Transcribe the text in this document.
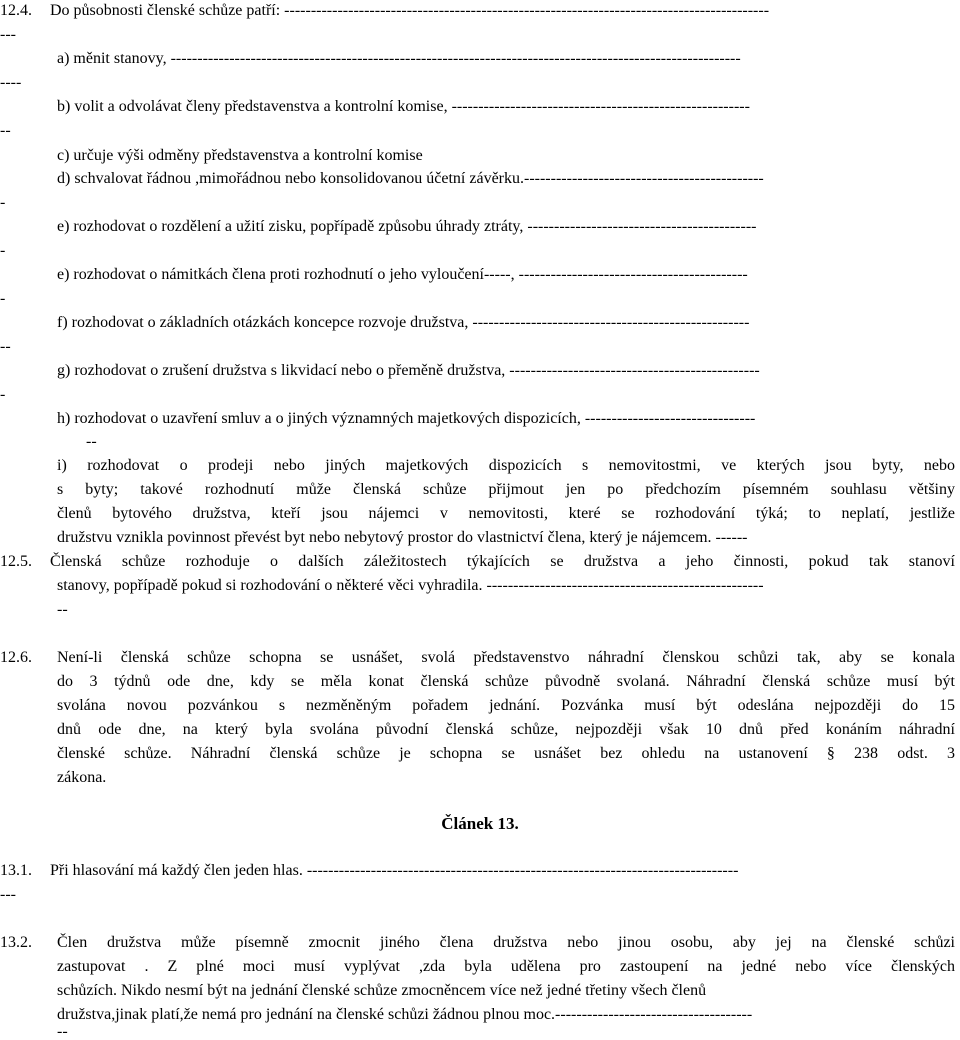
12.4. Do působnosti členské schůze patří: -------------------------------------------------------------------------------------------
---
a) měnit stanovy, -----------------------------------------------------------------------------------------------------------
----
b) volit a odvolávat členy představenstva a kontrolní komise, --------------------------------------------------------
--
c) určuje výši odměny představenstva a kontrolní komise
d) schvalovat řádnou ,mimořádnou nebo konsolidovanou účetní závěrku.---------------------------------------------
-
e) rozhodovat o rozdělení a užití zisku, popřípadě způsobu úhrady ztráty, -------------------------------------------
-
e) rozhodovat o námitkách člena proti rozhodnutí o jeho vyloučení-----, -------------------------------------------
-
f) rozhodovat o základních otázkách koncepce rozvoje družstva, ----------------------------------------------------
--
g) rozhodovat o zrušení družstva s likvidací nebo o přeměně družstva, -----------------------------------------------
-
h) rozhodovat o uzavření smluv a o jiných významných majetkových dispozicích, --------------------------------
--
i) rozhodovat o prodeji nebo jiných majetkových dispozicích s nemovitostmi, ve kterých jsou byty, nebo
s byty; takové rozhodnutí může členská schůze přijmout jen po předchozím písemném souhlasu většiny
členů bytového družstva, kteří jsou nájemci v nemovitosti, které se rozhodování týká; to neplatí, jestliže
družstvu vznikla povinnost převést byt nebo nebytový prostor do vlastnictví člena, který je nájemcem. ------
12.5. Členská schůze rozhoduje o dalších záležitostech týkajících se družstva a jeho činnosti, pokud tak stanoví
stanovy, popřípadě pokud si rozhodování o některé věci vyhradila. ----------------------------------------------------
--
12.6. Není-li členská schůze schopna se usnášet, svolá představenstvo náhradní členskou schůzi tak, aby se konala
do 3 týdnů ode dne, kdy se měla konat členská schůze původně svolaná. Náhradní členská schůze musí být
svolána novou pozvánkou s nezměněným pořadem jednání. Pozvánka musí být odeslána nejpozději do 15
dnů ode dne, na který byla svolána původní členská schůze, nejpozději však 10 dnů před konáním náhradní
členské schůze. Náhradní členská schůze je schopna se usnášet bez ohledu na ustanovení § 238 odst. 3
zákona.
Článek 13.
13.1. Při hlasování má každý člen jeden hlas. ---------------------------------------------------------------------------------
---
13.2. Člen družstva může písemně zmocnit jiného člena družstva nebo jinou osobu, aby jej na členské schůzi
zastupovat . Z plné moci musí vyplývat ,zda byla udělena pro zastoupení na jedné nebo více členských
schůzích. Nikdo nesmí být na jednání členské schůze zmocněncem více než jedné třetiny všech členů
družstva,jinak platí,že nemá pro jednání na členské schůzi žádnou plnou moc.-------------------------------------
--
